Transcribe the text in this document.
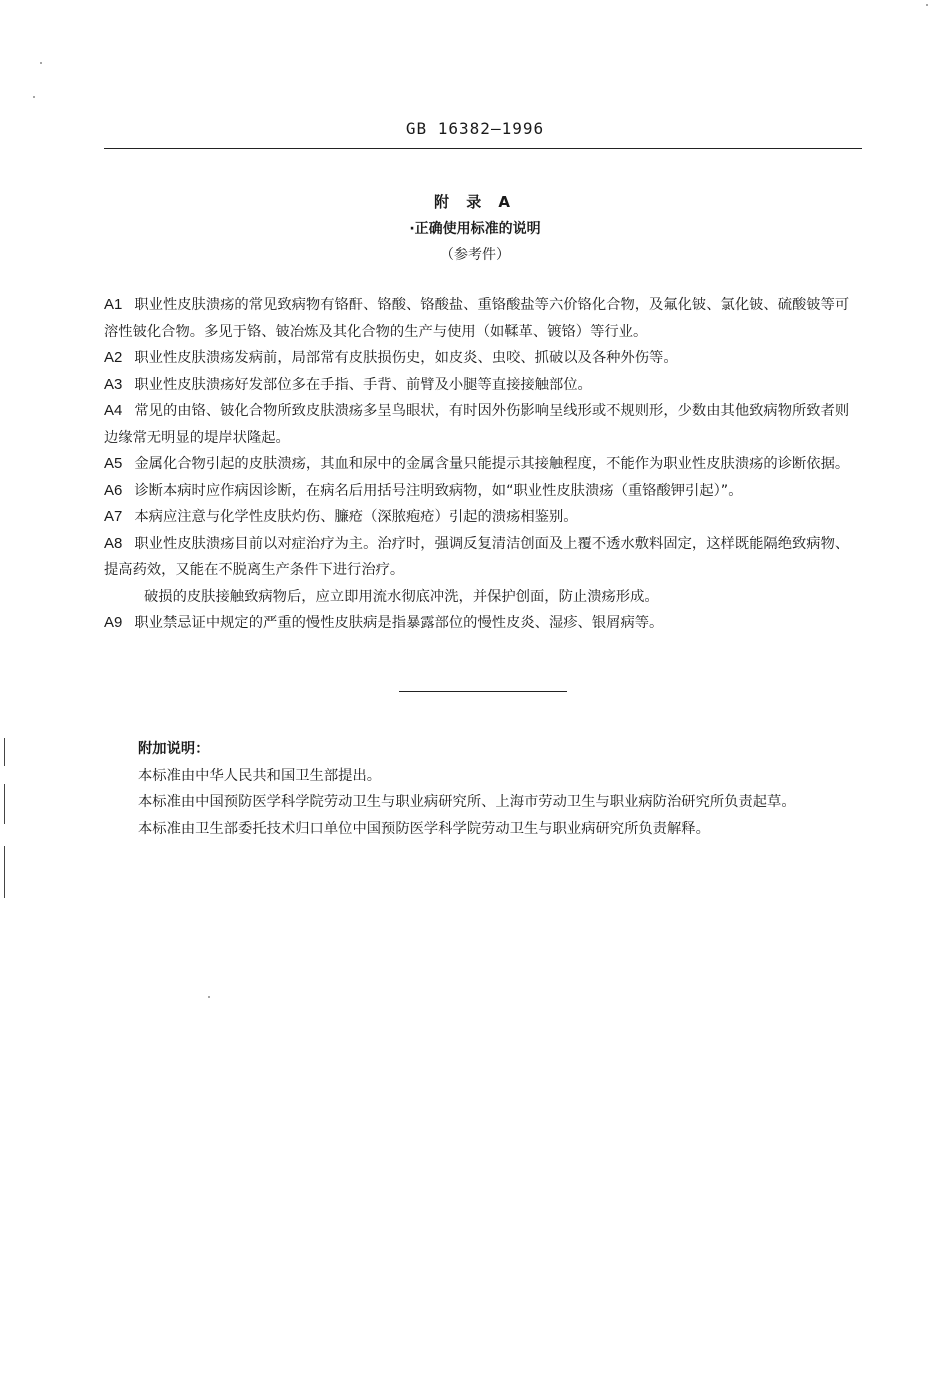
GB 16382—1996
附 录 A
·正确使用标准的说明
（参考件）

A1 职业性皮肤溃疡的常见致病物有铬酐、铬酸、铬酸盐、重铬酸盐等六价铬化合物，及氟化铍、氯化铍、硫酸铍等可溶性铍化合物。多见于铬、铍冶炼及其化合物的生产与使用（如鞣革、镀铬）等行业。

A2 职业性皮肤溃疡发病前，局部常有皮肤损伤史，如皮炎、虫咬、抓破以及各种外伤等。

A3 职业性皮肤溃疡好发部位多在手指、手背、前臂及小腿等直接接触部位。

A4 常见的由铬、铍化合物所致皮肤溃疡多呈鸟眼状，有时因外伤影响呈线形或不规则形，少数由其他致病物所致者则边缘常无明显的堤岸状隆起。

A5 金属化合物引起的皮肤溃疡，其血和尿中的金属含量只能提示其接触程度，不能作为职业性皮肤溃疡的诊断依据。

A6 诊断本病时应作病因诊断，在病名后用括号注明致病物，如“职业性皮肤溃疡（重铬酸钾引起）”。

A7 本病应注意与化学性皮肤灼伤、臁疮（深脓疱疮）引起的溃疡相鉴别。

A8 职业性皮肤溃疡目前以对症治疗为主。治疗时，强调反复清洁创面及上覆不透水敷料固定，这样既能隔绝致病物、提高药效，又能在不脱离生产条件下进行治疗。

破损的皮肤接触致病物后，应立即用流水彻底冲洗，并保护创面，防止溃疡形成。

A9 职业禁忌证中规定的严重的慢性皮肤病是指暴露部位的慢性皮炎、湿疹、银屑病等。

附加说明：

本标准由中华人民共和国卫生部提出。

本标准由中国预防医学科学院劳动卫生与职业病研究所、上海市劳动卫生与职业病防治研究所负责起草。

本标准由卫生部委托技术归口单位中国预防医学科学院劳动卫生与职业病研究所负责解释。
